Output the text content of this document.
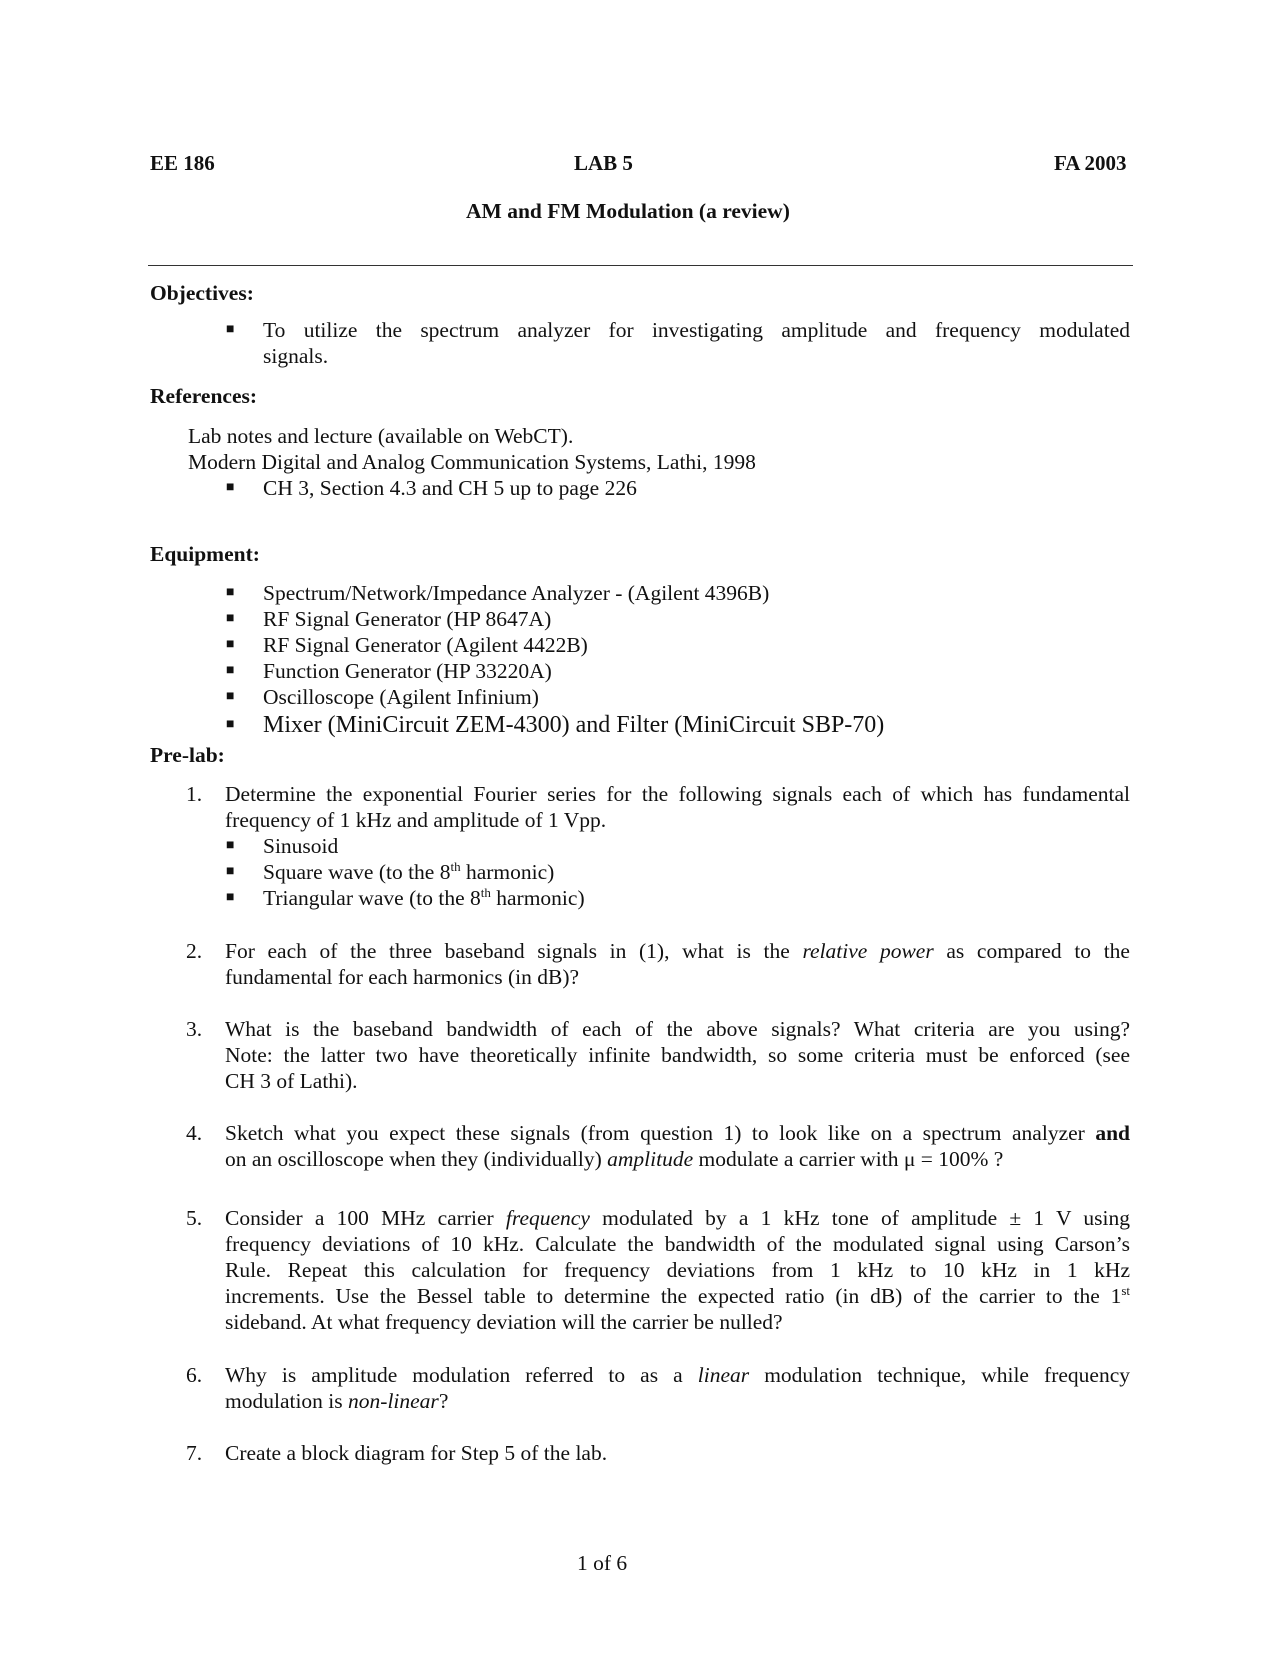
EE 186	LAB 5	FA 2003
AM and FM Modulation (a review)
Objectives:
■ To utilize the spectrum analyzer for investigating amplitude and frequency modulated
signals.
References:
Lab notes and lecture (available on WebCT).
Modern Digital and Analog Communication Systems, Lathi, 1998
■ CH 3, Section 4.3 and CH 5 up to page 226
Equipment:
■ Spectrum/Network/Impedance Analyzer - (Agilent 4396B)
■ RF Signal Generator (HP 8647A)
■ RF Signal Generator (Agilent 4422B)
■ Function Generator (HP 33220A)
■ Oscilloscope (Agilent Infinium)
■ Mixer (MiniCircuit ZEM-4300) and Filter (MiniCircuit SBP-70)
Pre-lab:
1. Determine the exponential Fourier series for the following signals each of which has fundamental
frequency of 1 kHz and amplitude of 1 Vpp.
■ Sinusoid
■ Square wave (to the 8th harmonic)
■ Triangular wave (to the 8th harmonic)
2. For each of the three baseband signals in (1), what is the relative power as compared to the
fundamental for each harmonics (in dB)?
3. What is the baseband bandwidth of each of the above signals? What criteria are you using?
Note: the latter two have theoretically infinite bandwidth, so some criteria must be enforced (see
CH 3 of Lathi).
4. Sketch what you expect these signals (from question 1) to look like on a spectrum analyzer and
on an oscilloscope when they (individually) amplitude modulate a carrier with μ = 100% ?
5. Consider a 100 MHz carrier frequency modulated by a 1 kHz tone of amplitude ± 1 V using
frequency deviations of 10 kHz. Calculate the bandwidth of the modulated signal using Carson’s
Rule. Repeat this calculation for frequency deviations from 1 kHz to 10 kHz in 1 kHz
increments. Use the Bessel table to determine the expected ratio (in dB) of the carrier to the 1st
sideband. At what frequency deviation will the carrier be nulled?
6. Why is amplitude modulation referred to as a linear modulation technique, while frequency
modulation is non-linear?
7. Create a block diagram for Step 5 of the lab.
1 of 6
